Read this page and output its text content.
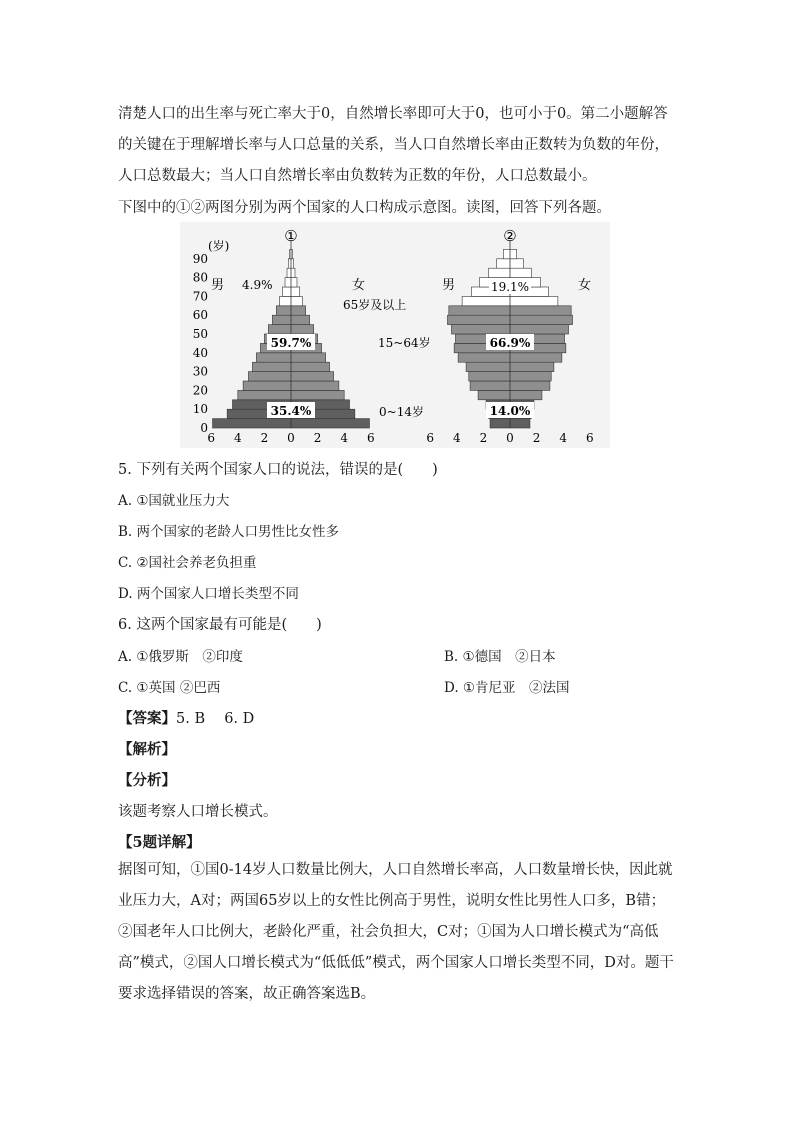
清楚人口的出生率与死亡率大于0，自然增长率即可大于0，也可小于0。第二小题解答的关键在于理解增长率与人口总量的关系，当人口自然增长率由正数转为负数的年份，人口总数最大；当人口自然增长率由负数转为正数的年份，人口总数最小。

下图中的①②两图分别为两个国家的人口构成示意图。读图，回答下列各题。

①	②
(岁)
90
80
70
60
50
40
30
20
10
0
6 4 2 0 2 4 6	6 4 2 0 2 4 6
男	女	男	女
4.9%
59.7%
35.4%
19.1%
66.9%
14.0%
65岁及以上
15~64岁
0~14岁

5. 下列有关两个国家人口的说法，错误的是(　　)

A. ①国就业压力大

B. 两个国家的老龄人口男性比女性多

C. ②国社会养老负担重

D. 两个国家人口增长类型不同

6. 这两个国家最有可能是(　　)

A. ①俄罗斯　②印度	B. ①德国　②日本

C. ①英国 ②巴西	D. ①肯尼亚　②法国

【答案】5. B　 6. D

【解析】

【分析】

该题考察人口增长模式。

【5题详解】

据图可知，①国0-14岁人口数量比例大，人口自然增长率高，人口数量增长快，因此就业压力大，A对；两国65岁以上的女性比例高于男性，说明女性比男性人口多，B错；②国老年人口比例大，老龄化严重，社会负担大，C对；①国为人口增长模式为“高低高”模式，②国人口增长模式为“低低低”模式，两个国家人口增长类型不同，D对。题干要求选择错误的答案，故正确答案选B。
